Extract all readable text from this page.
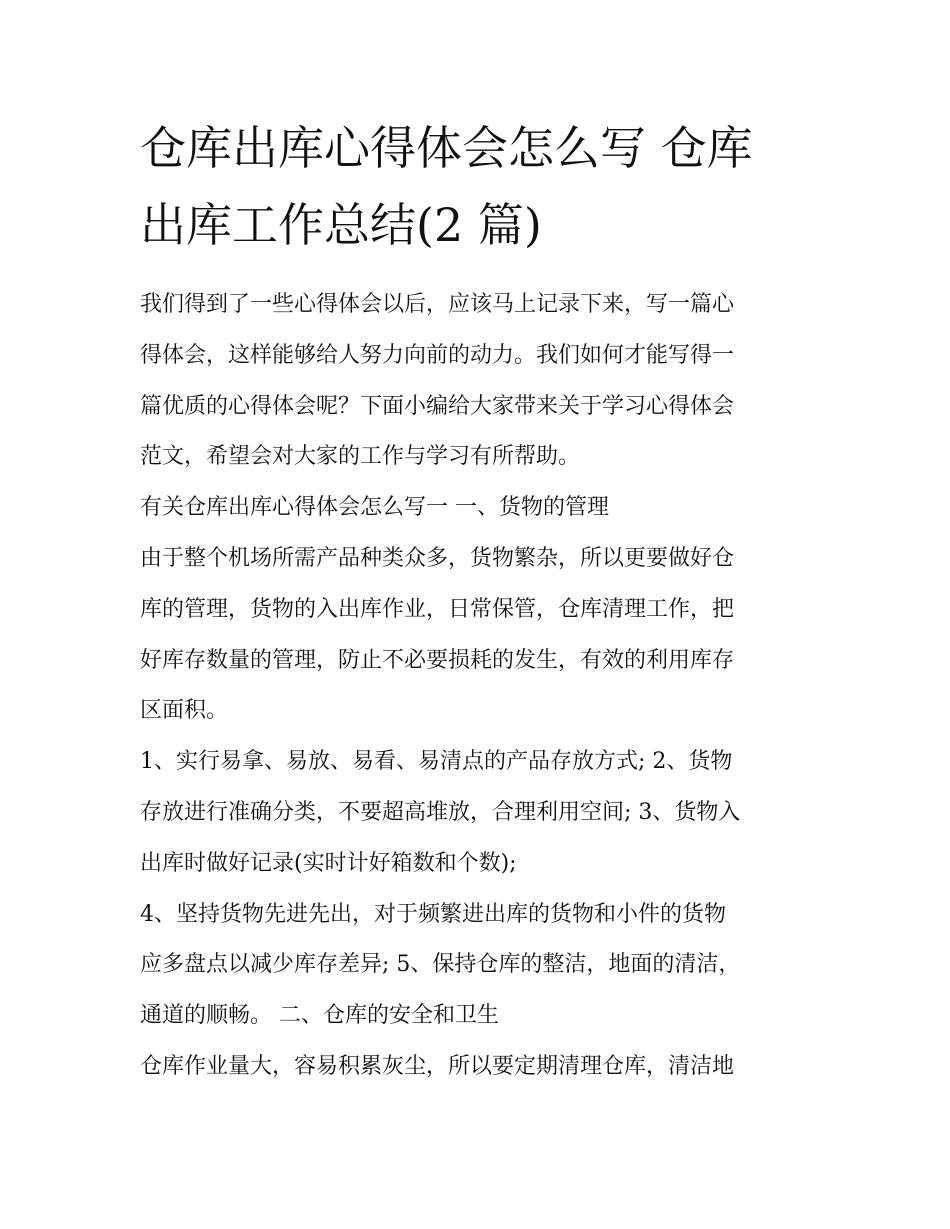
仓库出库心得体会怎么写 仓库
出库工作总结(2 篇)
我们得到了一些心得体会以后，应该马上记录下来，写一篇心
得体会，这样能够给人努力向前的动力。我们如何才能写得一
篇优质的心得体会呢？下面小编给大家带来关于学习心得体会
范文，希望会对大家的工作与学习有所帮助。
有关仓库出库心得体会怎么写一 一、货物的管理
由于整个机场所需产品种类众多，货物繁杂，所以更要做好仓
库的管理，货物的入出库作业，日常保管，仓库清理工作，把
好库存数量的管理，防止不必要损耗的发生，有效的利用库存
区面积。
1、实行易拿、易放、易看、易清点的产品存放方式; 2、货物
存放进行准确分类，不要超高堆放，合理利用空间; 3、货物入
出库时做好记录(实时计好箱数和个数);
4、坚持货物先进先出，对于频繁进出库的货物和小件的货物
应多盘点以减少库存差异; 5、保持仓库的整洁，地面的清洁，
通道的顺畅。 二、仓库的安全和卫生
仓库作业量大，容易积累灰尘，所以要定期清理仓库，清洁地
